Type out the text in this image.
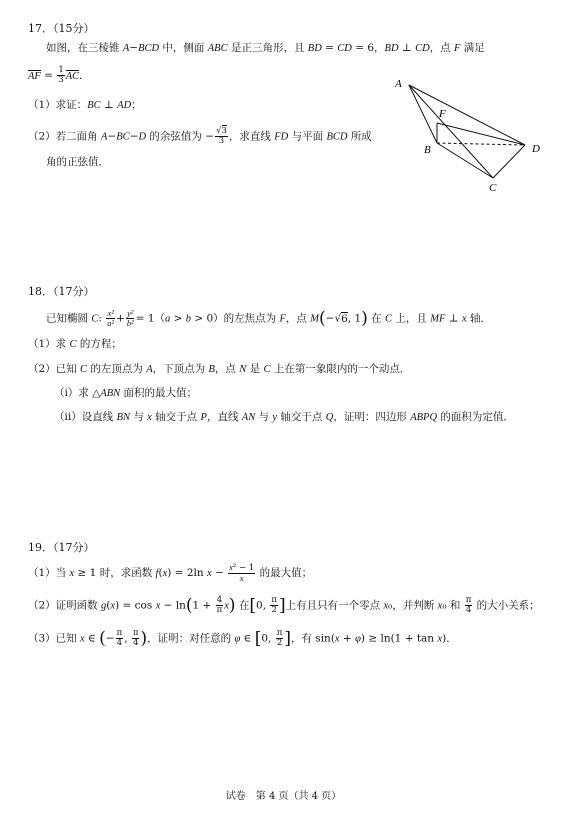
17．（15分）
如图，在三棱锥 A−BCD 中，侧面 ABC 是正三角形，且 BD = CD = 6，BD ⊥ CD，点 F 满足
AF = $\frac{1}{3}$ AC．
（1）求证：BC ⊥ AD；
（2）若二面角 A−BC−D 的余弦值为 − $\frac{√3}{3}$ ，求直线 FD 与平面 BCD 所成
角的正弦值．
A
F
B	D
C
18．（17分）
已知椭圆 C: $\frac{\text{x²}}{\text{a²}} + \frac{\text{y²}}{\text{b²}} = 1(a > b > 0)$的左焦点为 F，点 M(−√6, 1) 在 C 上，且 MF ⊥ x 轴．
（1）求 C 的方程；
（2）已知 C 的左顶点为 A，下顶点为 B，点 N 是 C 上在第一象限内的一个动点．
（i）求 △ABN 面积的最大值；
（ii）设直线 BN 与 x 轴交于点 P，直线 AN 与 y 轴交于点 Q，证明：四边形 ABPQ 的面积为定值．
19．（17分）
（1）当 x ≥ 1 时，求函数 f(x) = 2ln $x - \frac{\text{x² − 1}}{x}$ 的最大值；
（2）证明函数 $g(x) = \cos x - \ln(1 + \frac{4}{\pi} x)$ 在[0, $\frac{\pi}{2}$ ]上有且只有一个零点 x₀，并判断 x₀ 和 $\frac{\pi}{4}$ 的大小关系；
（3）已知 x ∈ (− $\frac{\pi}{4}$ , $\frac{\pi}{4}$ )，证明：对任意的 φ ∈ [0, $\frac{\pi}{2}$ ]，有 sin(x + φ) ≥ ln(1 + tan x)．
试卷　第 4 页（共 4 页）
